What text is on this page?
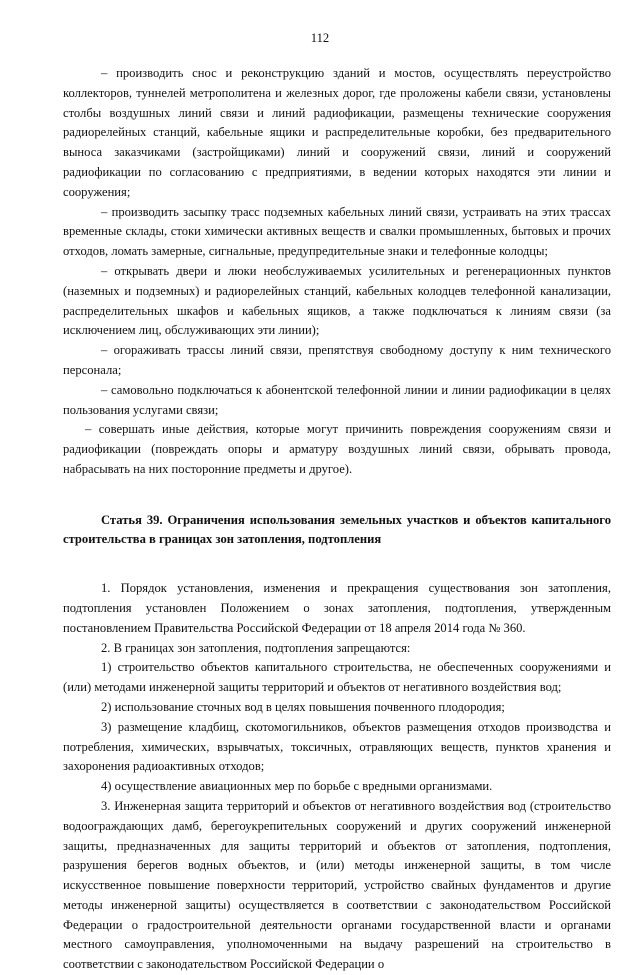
112

– производить снос и реконструкцию зданий и мостов, осуществлять переустройство коллекторов, туннелей метрополитена и железных дорог, где проложены кабели связи, установлены столбы воздушных линий связи и линий радиофикации, размещены технические сооружения радиорелейных станций, кабельные ящики и распределительные коробки, без предварительного выноса заказчиками (застройщиками) линий и сооружений связи, линий и сооружений радиофикации по согласованию с предприятиями, в ведении которых находятся эти линии и сооружения;

– производить засыпку трасс подземных кабельных линий связи, устраивать на этих трассах временные склады, стоки химически активных веществ и свалки промышленных, бытовых и прочих отходов, ломать замерные, сигнальные, предупредительные знаки и телефонные колодцы;

– открывать двери и люки необслуживаемых усилительных и регенерационных пунктов (наземных и подземных) и радиорелейных станций, кабельных колодцев телефонной канализации, распределительных шкафов и кабельных ящиков, а также подключаться к линиям связи (за исключением лиц, обслуживающих эти линии);

– огораживать трассы линий связи, препятствуя свободному доступу к ним технического персонала;

– самовольно подключаться к абонентской телефонной линии и линии радиофикации в целях пользования услугами связи;

– совершать иные действия, которые могут причинить повреждения сооружениям связи и радиофикации (повреждать опоры и арматуру воздушных линий связи, обрывать провода, набрасывать на них посторонние предметы и другое).

Статья 39. Ограничения использования земельных участков и объектов капитального строительства в границах зон затопления, подтопления

1. Порядок установления, изменения и прекращения существования зон затопления, подтопления установлен Положением о зонах затопления, подтопления, утвержденным постановлением Правительства Российской Федерации от 18 апреля 2014 года № 360.

2. В границах зон затопления, подтопления запрещаются:

1) строительство объектов капитального строительства, не обеспеченных сооружениями и (или) методами инженерной защиты территорий и объектов от негативного воздействия вод;

2) использование сточных вод в целях повышения почвенного плодородия;

3) размещение кладбищ, скотомогильников, объектов размещения отходов производства и потребления, химических, взрывчатых, токсичных, отравляющих веществ, пунктов хранения и захоронения радиоактивных отходов;

4) осуществление авиационных мер по борьбе с вредными организмами.

3. Инженерная защита территорий и объектов от негативного воздействия вод (строительство водоограждающих дамб, берегоукрепительных сооружений и других сооружений инженерной защиты, предназначенных для защиты территорий и объектов от затопления, подтопления, разрушения берегов водных объектов, и (или) методы инженерной защиты, в том числе искусственное повышение поверхности территорий, устройство свайных фундаментов и другие методы инженерной защиты) осуществляется в соответствии с законодательством Российской Федерации о градостроительной деятельности органами государственной власти и органами местного самоуправления, уполномоченными на выдачу разрешений на строительство в соответствии с законодательством Российской Федерации о
